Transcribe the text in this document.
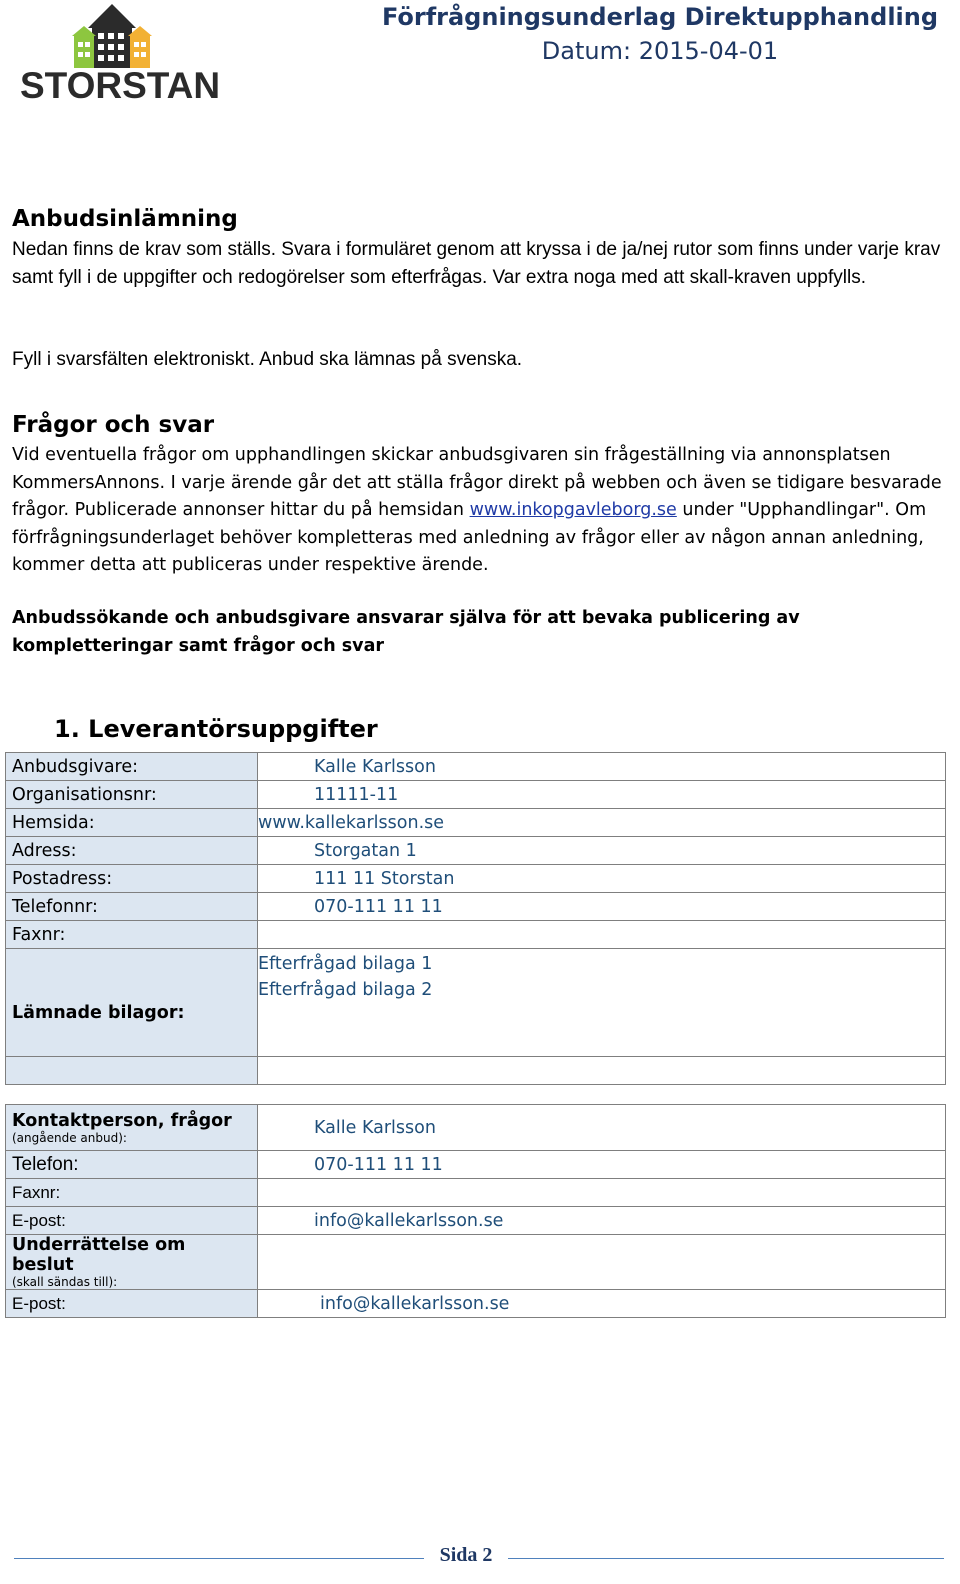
STORSTAN
Förfrågningsunderlag Direktupphandling
Datum: 2015-04-01
Anbudsinlämning
Nedan finns de krav som ställs. Svara i formuläret genom att kryssa i de ja/nej rutor som finns under varje krav samt fyll i de uppgifter och redogörelser som efterfrågas. Var extra noga med att skall-kraven uppfylls.
Fyll i svarsfälten elektroniskt. Anbud ska lämnas på svenska.
Frågor och svar
Vid eventuella frågor om upphandlingen skickar anbudsgivaren sin frågeställning via annonsplatsen KommersAnnons. I varje ärende går det att ställa frågor direkt på webben och även se tidigare besvarade frågor. Publicerade annonser hittar du på hemsidan www.inkopgavleborg.se under "Upphandlingar". Om förfrågningsunderlaget behöver kompletteras med anledning av frågor eller av någon annan anledning, kommer detta att publiceras under respektive ärende.
Anbudssökande och anbudsgivare ansvarar själva för att bevaka publicering av kompletteringar samt frågor och svar
1. Leverantörsuppgifter
Anbudsgivare:	Kalle Karlsson
Organisationsnr:	11111-11
Hemsida:	www.kallekarlsson.se
Adress:	Storgatan 1
Postadress:	111 11 Storstan
Telefonnr:	070-111 11 11
Faxnr:	
Lämnade bilagor:	Efterfrågad bilaga 1
Efterfrågad bilaga 2

Kontaktperson, frågor
(angående anbud):	Kalle Karlsson
Telefon:	070-111 11 11
Faxnr:	
E-post:	info@kallekarlsson.se
Underrättelse om beslut
(skall sändas till):	

E-post:	info@kallekarlsson.se
Sida 2
